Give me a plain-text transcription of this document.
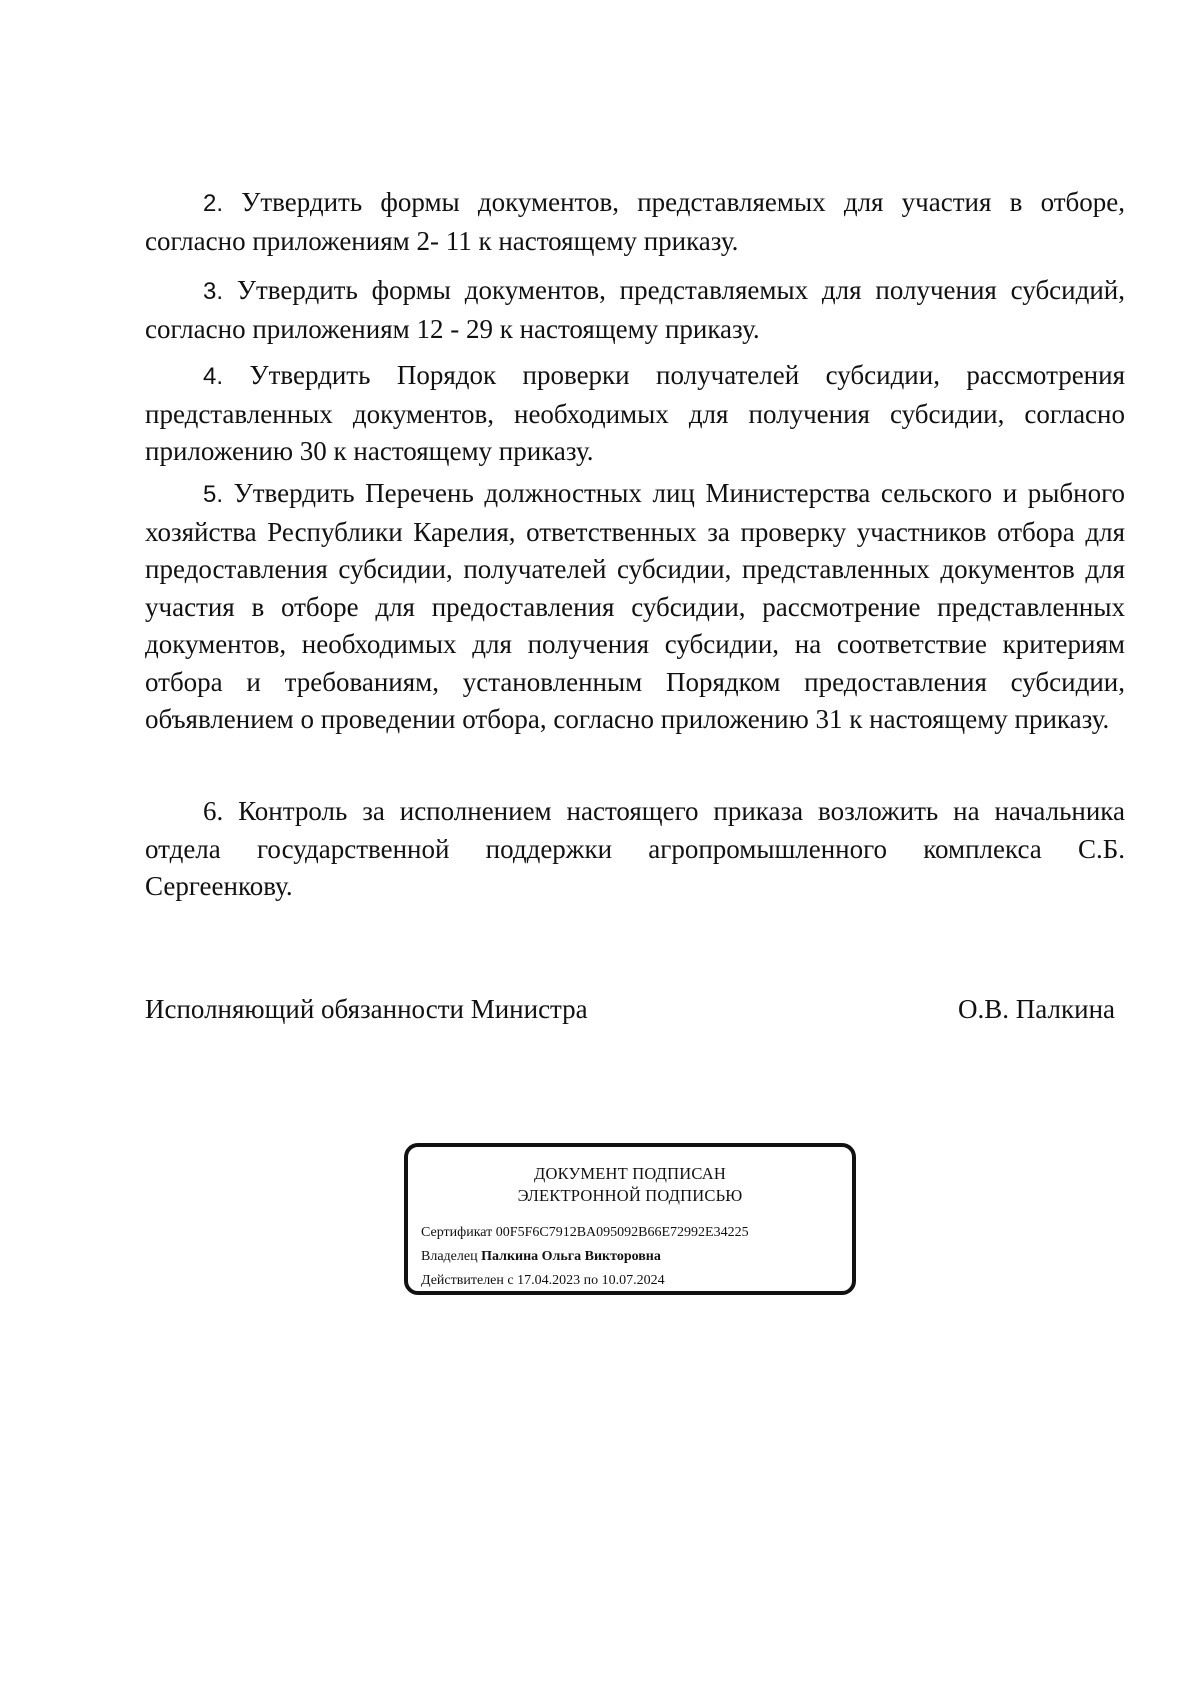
2. Утвердить формы документов, представляемых для участия в отборе, согласно приложениям 2- 11 к настоящему приказу.

3. Утвердить формы документов, представляемых для получения субсидий, согласно приложениям 12 - 29 к настоящему приказу.

4. Утвердить Порядок проверки получателей субсидии, рассмотрения представленных документов, необходимых для получения субсидии, согласно приложению 30 к настоящему приказу.

5. Утвердить Перечень должностных лиц Министерства сельского и рыбного хозяйства Республики Карелия, ответственных за проверку участников отбора для предоставления субсидии, получателей субсидии, представленных документов для участия в отборе для предоставления субсидии, рассмотрение представленных документов, необходимых для получения субсидии, на соответствие критериям отбора и требованиям, установленным Порядком предоставления субсидии, объявлением о проведении отбора, согласно приложению 31 к настоящему приказу.

6. Контроль за исполнением настоящего приказа возложить на начальника отдела государственной поддержки агропромышленного комплекса С.Б. Сергеенкову.

Исполняющий обязанности Министра	О.В. Палкина
ДОКУМЕНТ ПОДПИСАН
ЭЛЕКТРОННОЙ ПОДПИСЬЮ
Сертификат 00F5F6C7912BA095092B66E72992E34225
Владелец Палкина Ольга Викторовна
Действителен с 17.04.2023 по 10.07.2024
